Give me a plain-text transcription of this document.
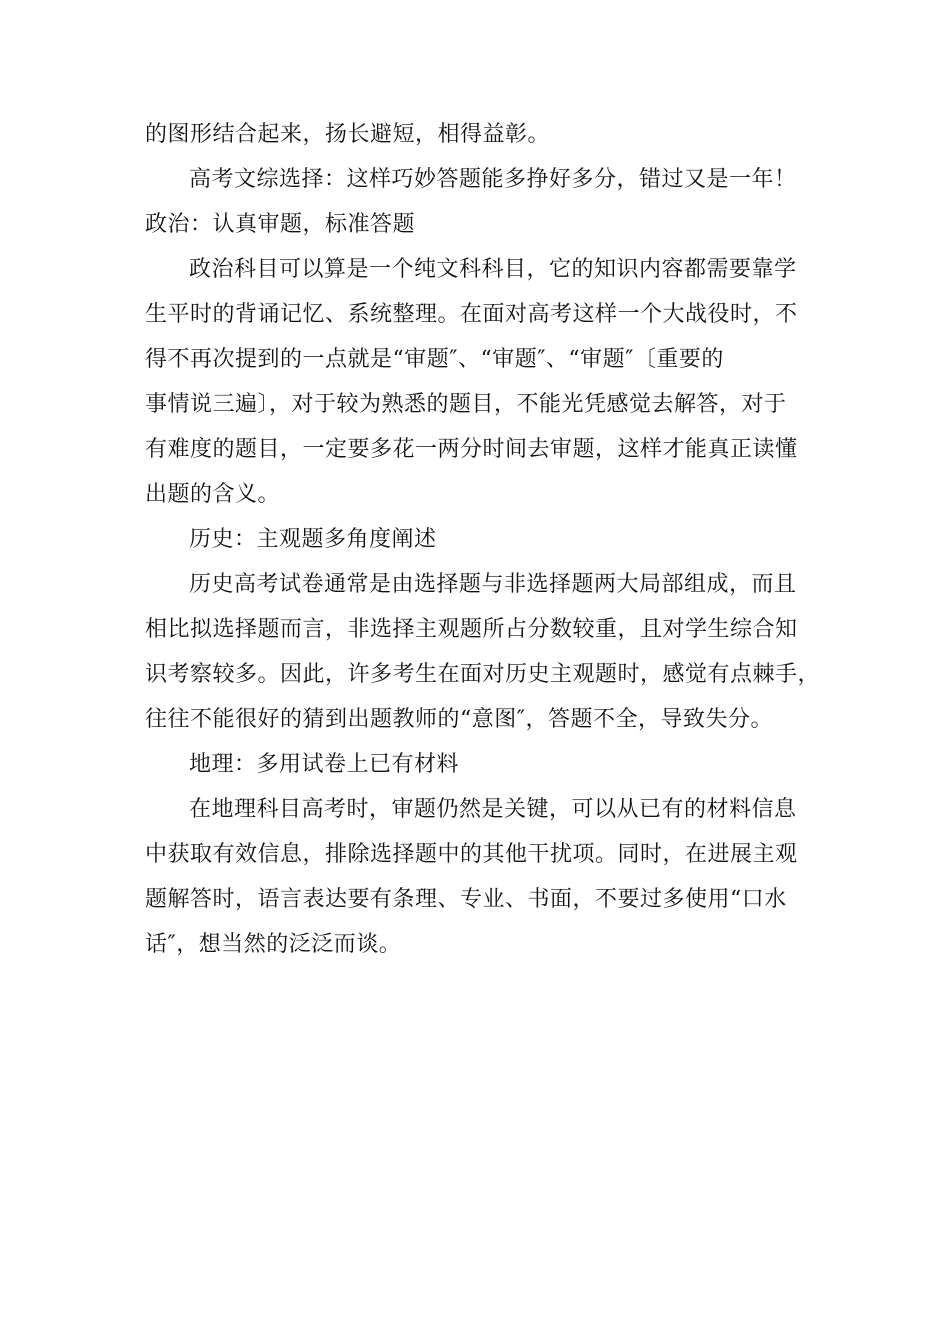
的图形结合起来，扬长避短，相得益彰。
高考文综选择：这样巧妙答题能多挣好多分，错过又是一年！
政治：认真审题，标准答题
政治科目可以算是一个纯文科科目，它的知识内容都需要靠学
生平时的背诵记忆、系统整理。在面对高考这样一个大战役时，不
得不再次提到的一点就是“审题″、“审题″、“审题″〔重要的
事情说三遍〕，对于较为熟悉的题目，不能光凭感觉去解答，对于
有难度的题目，一定要多花一两分时间去审题，这样才能真正读懂
出题的含义。
历史：主观题多角度阐述
历史高考试卷通常是由选择题与非选择题两大局部组成，而且
相比拟选择题而言，非选择主观题所占分数较重，且对学生综合知
识考察较多。因此，许多考生在面对历史主观题时，感觉有点棘手，
往往不能很好的猜到出题教师的“意图″，答题不全，导致失分。
地理：多用试卷上已有材料
在地理科目高考时，审题仍然是关键，可以从已有的材料信息
中获取有效信息，排除选择题中的其他干扰项。同时，在进展主观
题解答时，语言表达要有条理、专业、书面，不要过多使用“口水
话″，想当然的泛泛而谈。
